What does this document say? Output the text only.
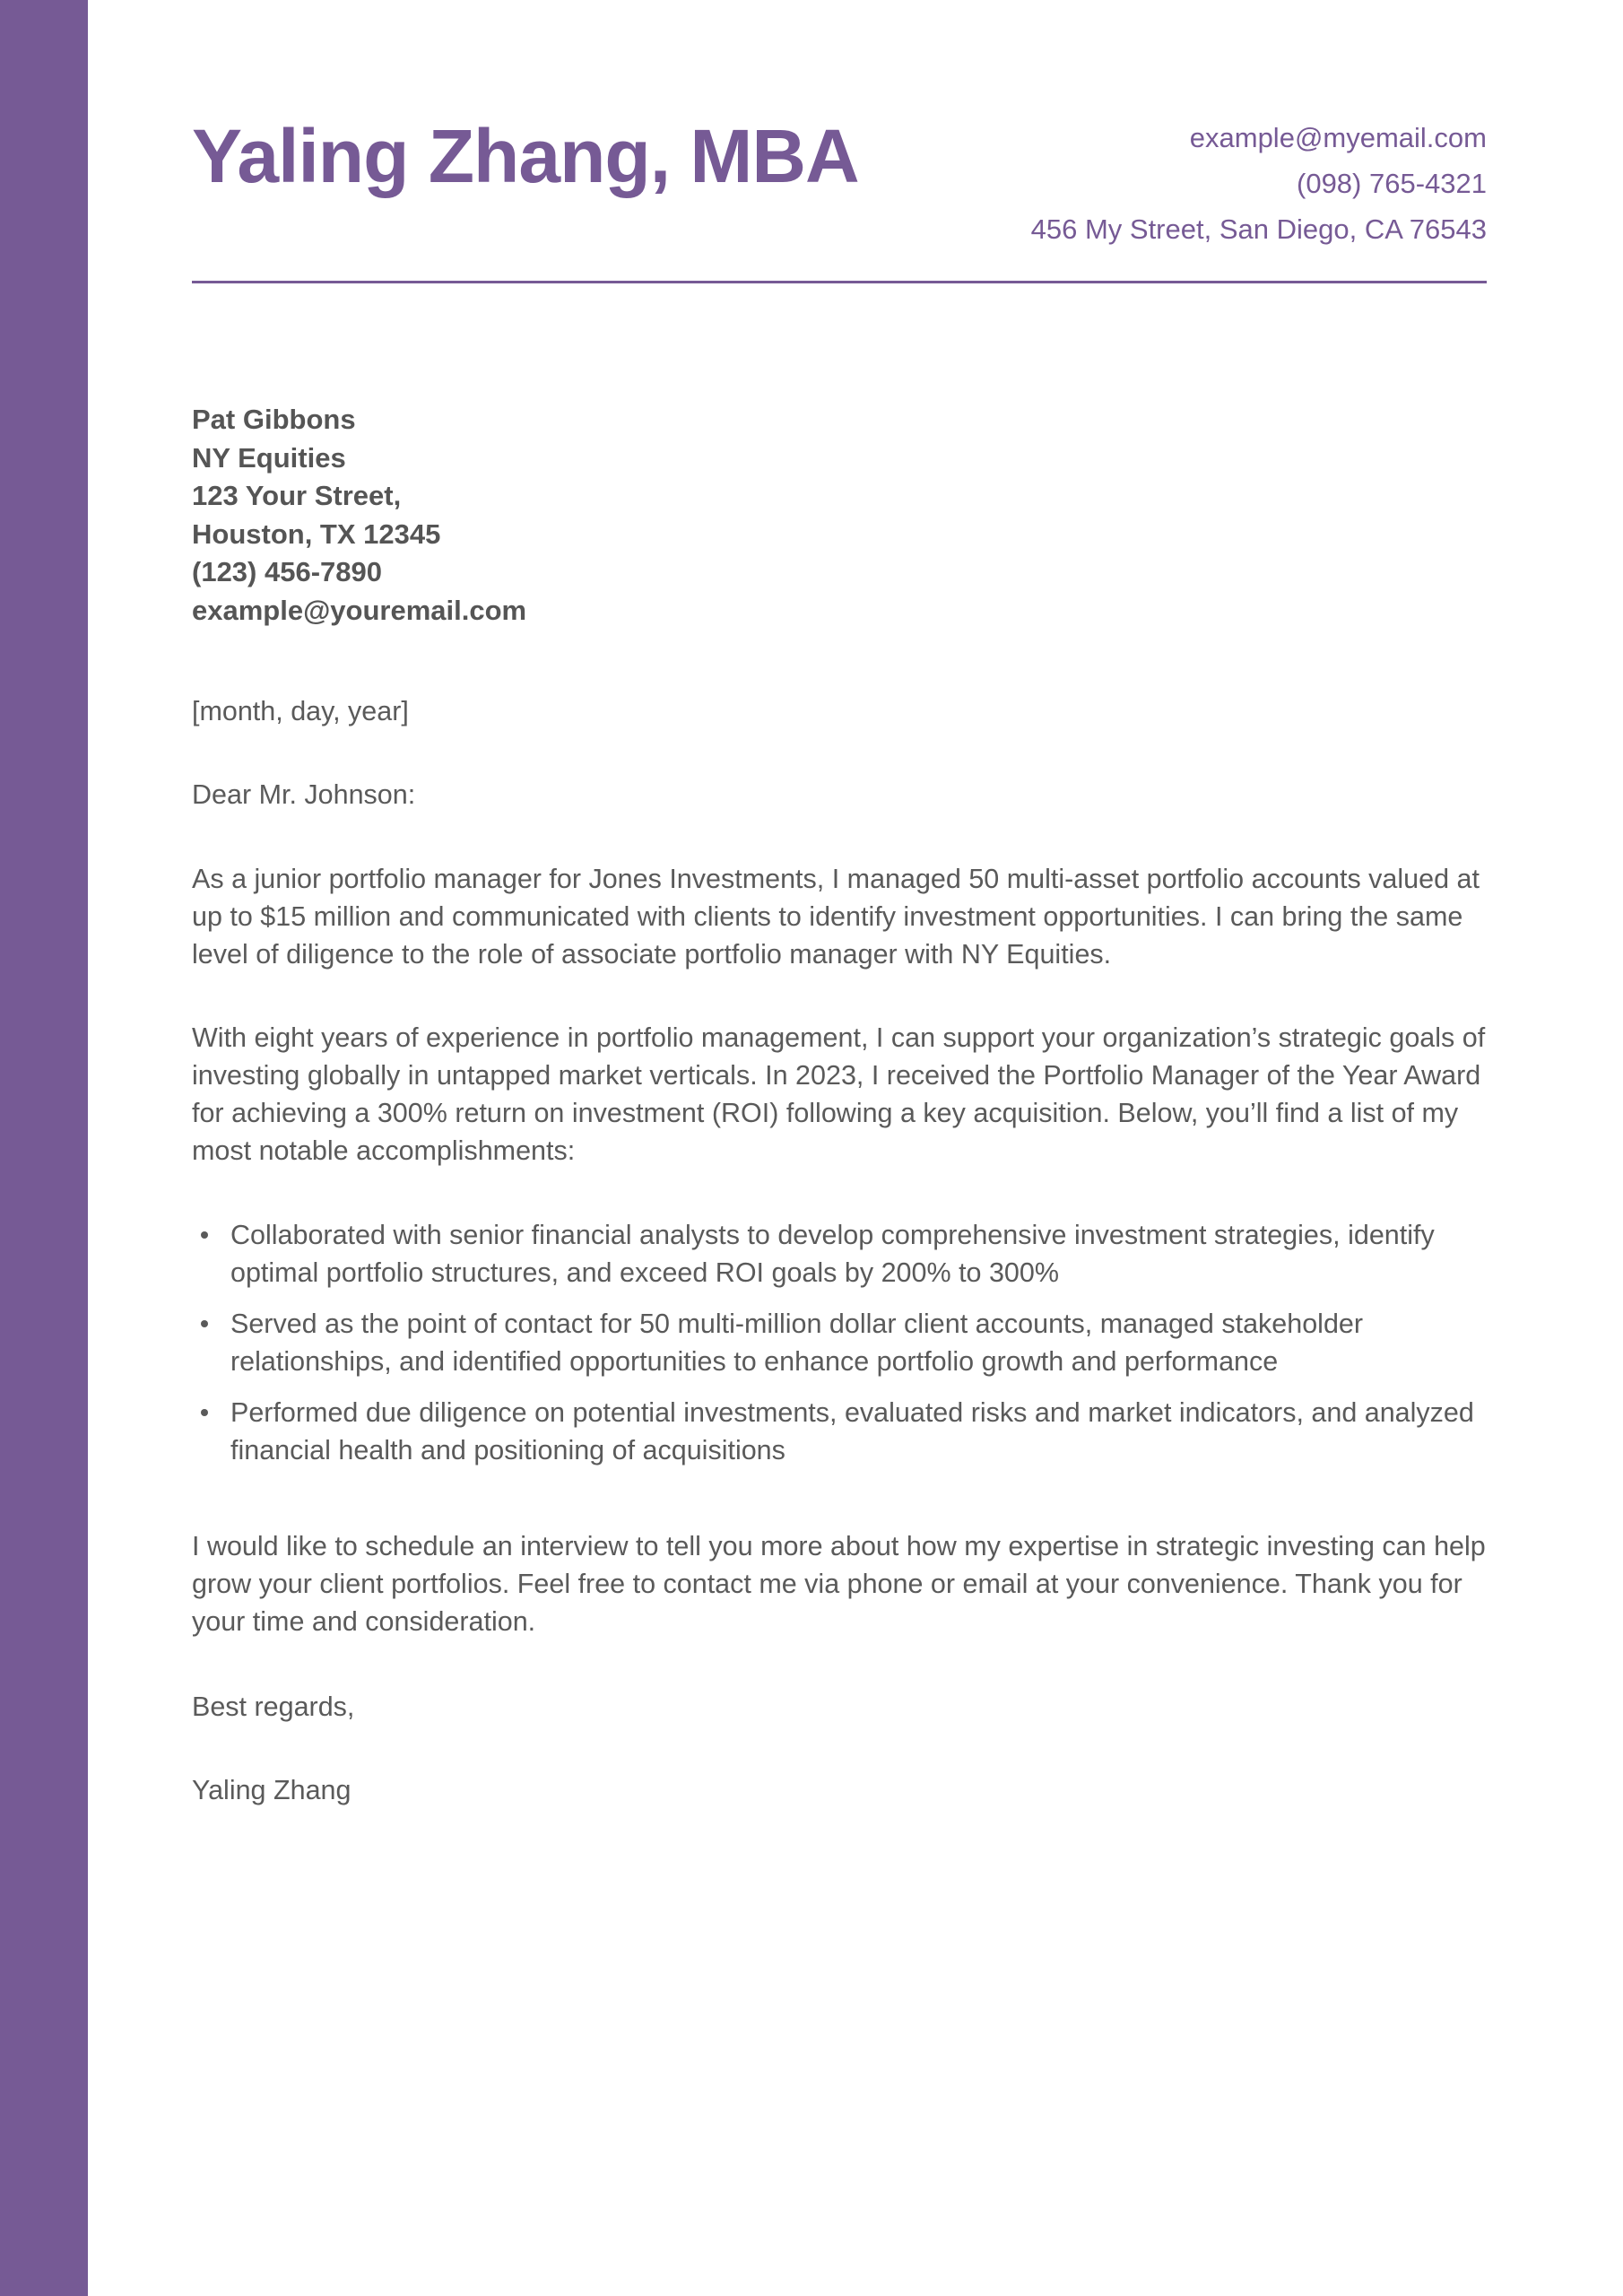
Yaling Zhang, MBA	example@myemail.com
(098) 765-4321
456 My Street, San Diego, CA 76543
Pat Gibbons
NY Equities
123 Your Street,
Houston, TX 12345
(123) 456-7890
example@youremail.com
[month, day, year]
Dear Mr. Johnson:

As a junior portfolio manager for Jones Investments, I managed 50 multi-asset portfolio accounts valued at up to $15 million and communicated with clients to identify investment opportunities. I can bring the same level of diligence to the role of associate portfolio manager with NY Equities.

With eight years of experience in portfolio management, I can support your organization’s strategic goals of investing globally in untapped market verticals. In 2023, I received the Portfolio Manager of the Year Award for achieving a 300% return on investment (ROI) following a key acquisition. Below, you’ll find a list of my most notable accomplishments:

Collaborated with senior financial analysts to develop comprehensive investment strategies, identify optimal portfolio structures, and exceed ROI goals by 200% to 300%
Served as the point of contact for 50 multi-million dollar client accounts, managed stakeholder relationships, and identified opportunities to enhance portfolio growth and performance
Performed due diligence on potential investments, evaluated risks and market indicators, and analyzed financial health and positioning of acquisitions

I would like to schedule an interview to tell you more about how my expertise in strategic investing can help grow your client portfolios. Feel free to contact me via phone or email at your convenience. Thank you for your time and consideration.

Best regards,
Yaling Zhang
